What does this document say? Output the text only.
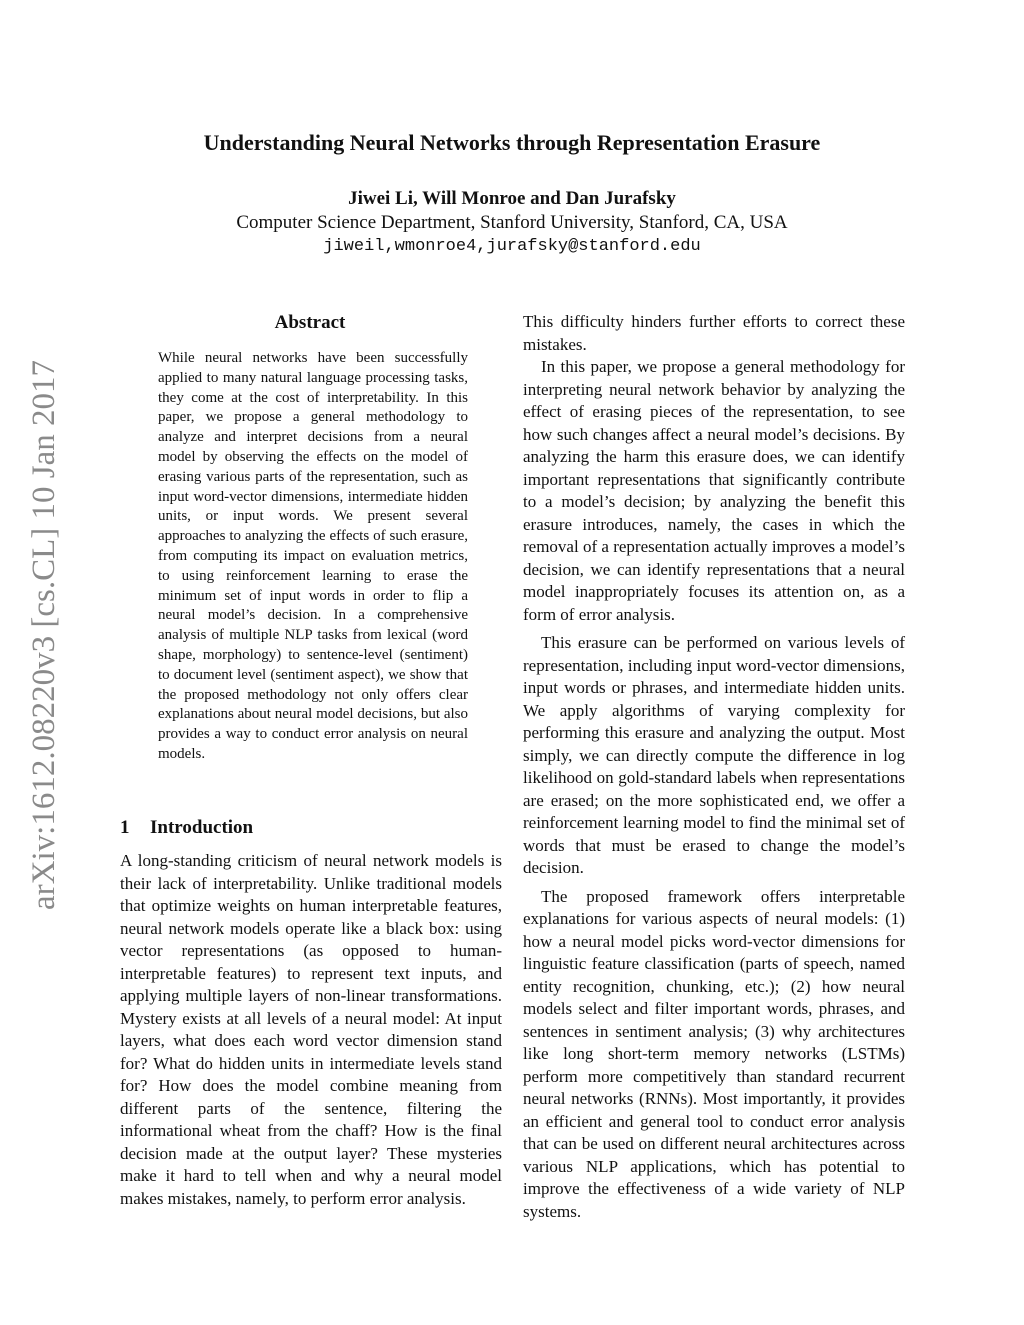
arXiv:1612.08220v3 [cs.CL] 10 Jan 2017
Understanding Neural Networks through Representation Erasure
Jiwei Li, Will Monroe and Dan Jurafsky
Computer Science Department, Stanford University, Stanford, CA, USA
jiweil,wmonroe4,jurafsky@stanford.edu
Abstract

While neural networks have been successfully applied to many natural language processing tasks, they come at the cost of interpretability. In this paper, we propose a general methodology to analyze and interpret decisions from a neural model by observing the effects on the model of erasing various parts of the representation, such as input word-vector dimensions, intermediate hidden units, or input words. We present several approaches to analyzing the effects of such erasure, from computing its impact on evaluation metrics, to using reinforcement learning to erase the minimum set of input words in order to flip a neural model’s decision. In a comprehensive analysis of multiple NLP tasks from lexical (word shape, morphology) to sentence-level (sentiment) to document level (sentiment aspect), we show that the proposed methodology not only offers clear explanations about neural model decisions, but also provides a way to conduct error analysis on neural models.

1 Introduction

A long-standing criticism of neural network models is their lack of interpretability. Unlike traditional models that optimize weights on human interpretable features, neural network models operate like a black box: using vector representations (as opposed to human-interpretable features) to represent text inputs, and applying multiple layers of non-linear transformations. Mystery exists at all levels of a neural model: At input layers, what does each word vector dimension stand for? What do hidden units in intermediate levels stand for? How does the model combine meaning from different parts of the sentence, filtering the informational wheat from the chaff? How is the final decision made at the output layer? These mysteries make it hard to tell when and why a neural model makes mistakes, namely, to perform error analysis.

This difficulty hinders further efforts to correct these mistakes.

In this paper, we propose a general methodology for interpreting neural network behavior by analyzing the effect of erasing pieces of the representation, to see how such changes affect a neural model’s decisions. By analyzing the harm this erasure does, we can identify important representations that significantly contribute to a model’s decision; by analyzing the benefit this erasure introduces, namely, the cases in which the removal of a representation actually improves a model’s decision, we can identify representations that a neural model inappropriately focuses its attention on, as a form of error analysis.

This erasure can be performed on various levels of representation, including input word-vector dimensions, input words or phrases, and intermediate hidden units. We apply algorithms of varying complexity for performing this erasure and analyzing the output. Most simply, we can directly compute the difference in log likelihood on gold-standard labels when representations are erased; on the more sophisticated end, we offer a reinforcement learning model to find the minimal set of words that must be erased to change the model’s decision.

The proposed framework offers interpretable explanations for various aspects of neural models: (1) how a neural model picks word-vector dimensions for linguistic feature classification (parts of speech, named entity recognition, chunking, etc.); (2) how neural models select and filter important words, phrases, and sentences in sentiment analysis; (3) why architectures like long short-term memory networks (LSTMs) perform more competitively than standard recurrent neural networks (RNNs). Most importantly, it provides an efficient and general tool to conduct error analysis that can be used on different neural architectures across various NLP applications, which has potential to improve the effectiveness of a wide variety of NLP systems.
